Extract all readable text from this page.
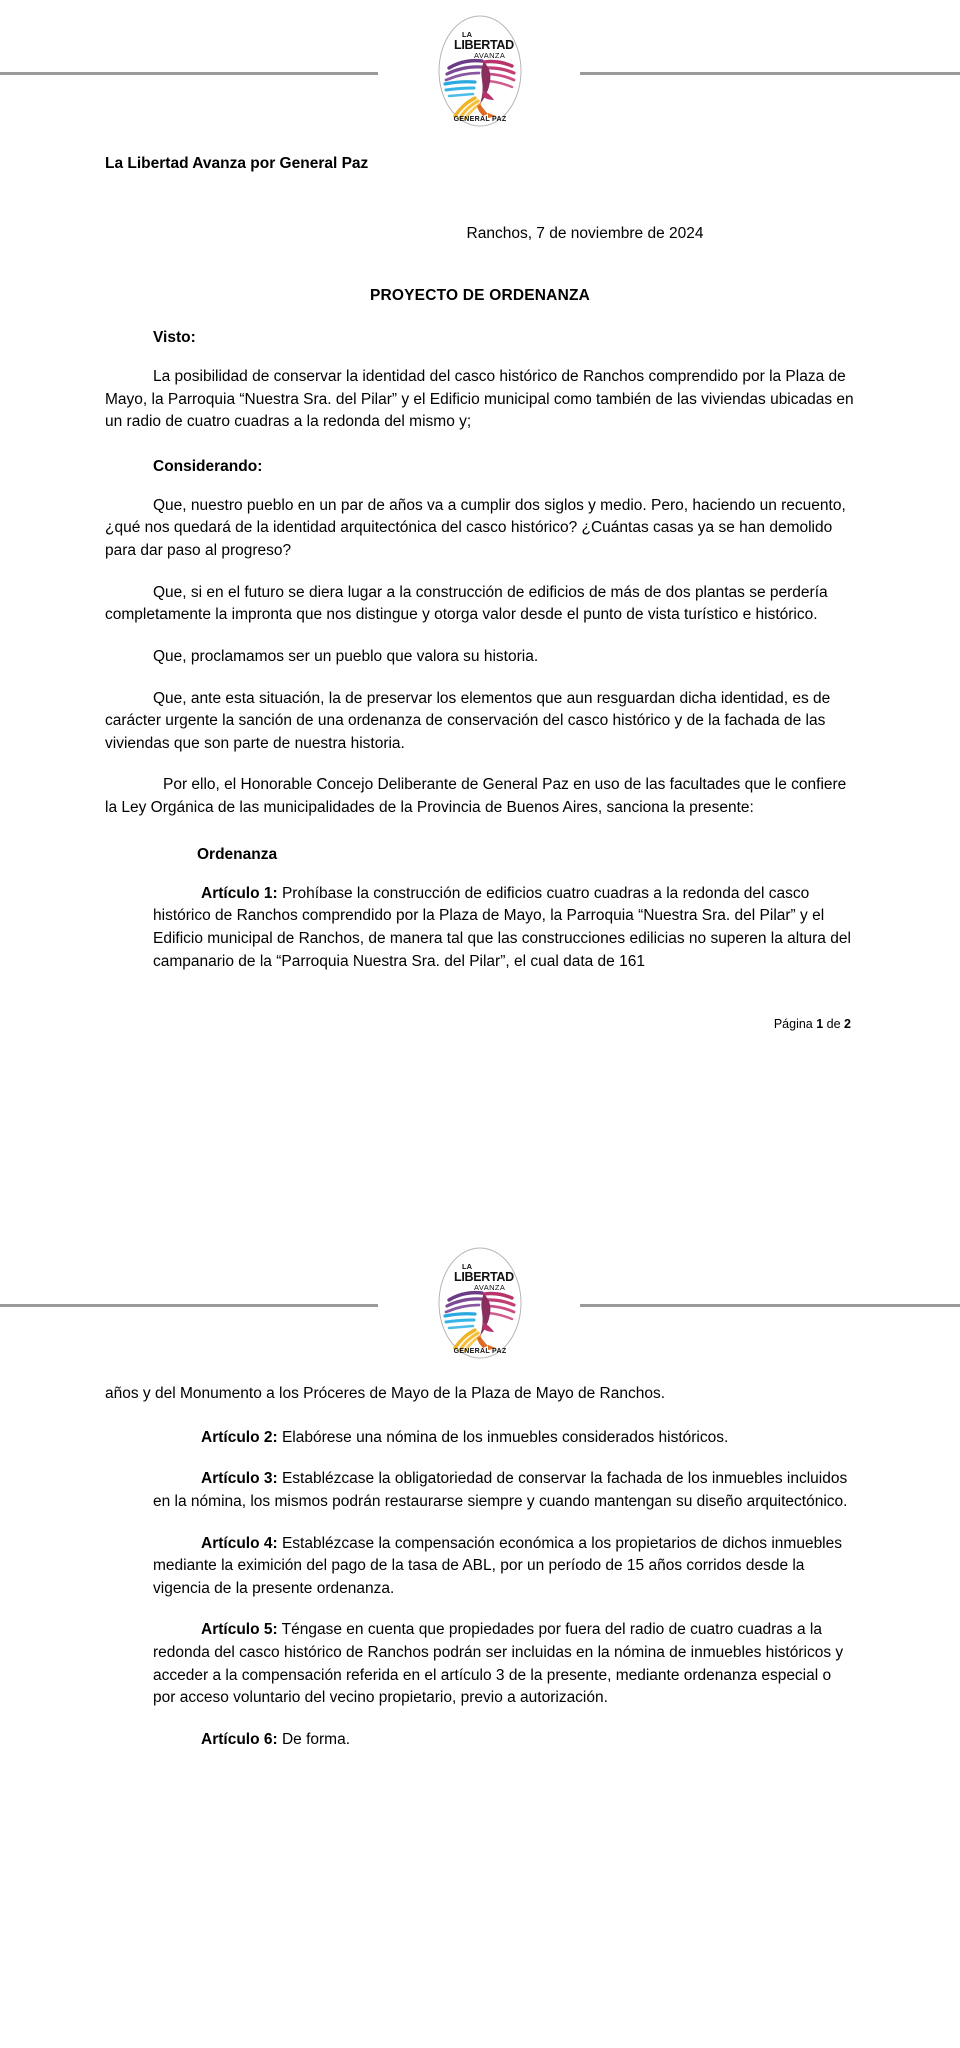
LA
LIBERTAD
AVANZA
GENERAL PAZ
La Libertad Avanza por General Paz
Ranchos, 7 de noviembre de 2024
PROYECTO DE ORDENANZA
Visto:

La posibilidad de conservar la identidad del casco histórico de Ranchos comprendido por la Plaza de Mayo, la Parroquia “Nuestra Sra. del Pilar” y el Edificio municipal como también de las viviendas ubicadas en un radio de cuatro cuadras a la redonda del mismo y;

Considerando:

Que, nuestro pueblo en un par de años va a cumplir dos siglos y medio. Pero, haciendo un recuento, ¿qué nos quedará de la identidad arquitectónica del casco histórico? ¿Cuántas casas ya se han demolido para dar paso al progreso?

Que, si en el futuro se diera lugar a la construcción de edificios de más de dos plantas se perdería completamente la impronta que nos distingue y otorga valor desde el punto de vista turístico e histórico.

Que, proclamamos ser un pueblo que valora su historia.

Que, ante esta situación, la de preservar los elementos que aun resguardan dicha identidad, es de carácter urgente la sanción de una ordenanza de conservación del casco histórico y de la fachada de las viviendas que son parte de nuestra historia.

Por ello, el Honorable Concejo Deliberante de General Paz en uso de las facultades que le confiere la Ley Orgánica de las municipalidades de la Provincia de Buenos Aires, sanciona la presente:

Ordenanza

Artículo 1: Prohíbase la construcción de edificios cuatro cuadras a la redonda del casco histórico de Ranchos comprendido por la Plaza de Mayo, la Parroquia “Nuestra Sra. del Pilar” y el Edificio municipal de Ranchos, de manera tal que las construcciones edilicias no superen la altura del campanario de la “Parroquia Nuestra Sra. del Pilar”, el cual data de 161

Página 1 de 2
LA
LIBERTAD
AVANZA
GENERAL PAZ

años y del Monumento a los Próceres de Mayo de la Plaza de Mayo de Ranchos.

Artículo 2: Elabórese una nómina de los inmuebles considerados históricos.

Artículo 3: Establézcase la obligatoriedad de conservar la fachada de los inmuebles incluidos en la nómina, los mismos podrán restaurarse siempre y cuando mantengan su diseño arquitectónico.

Artículo 4: Establézcase la compensación económica a los propietarios de dichos inmuebles mediante la eximición del pago de la tasa de ABL, por un período de 15 años corridos desde la vigencia de la presente ordenanza.

Artículo 5: Téngase en cuenta que propiedades por fuera del radio de cuatro cuadras a la redonda del casco histórico de Ranchos podrán ser incluidas en la nómina de inmuebles históricos y acceder a la compensación referida en el artículo 3 de la presente, mediante ordenanza especial o por acceso voluntario del vecino propietario, previo a autorización.

Artículo 6: De forma.
